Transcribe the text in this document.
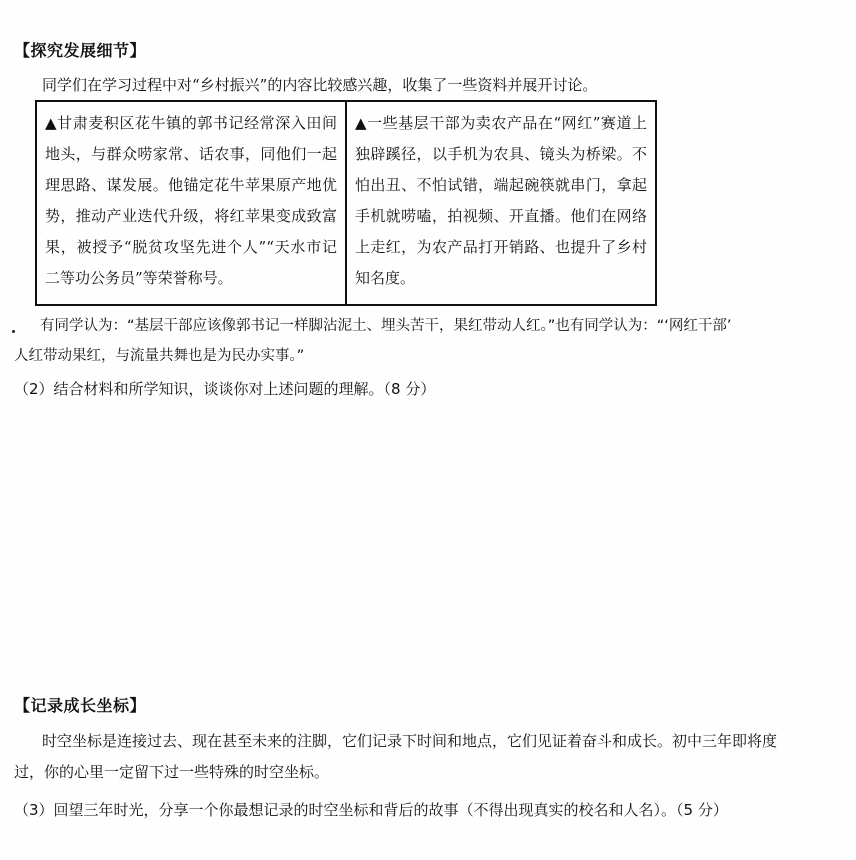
【探究发展细节】
同学们在学习过程中对“乡村振兴”的内容比较感兴趣，收集了一些资料并展开讨论。
▲甘肃麦积区花牛镇的郭书记经常深入田间地头，与群众唠家常、话农事，同他们一起理思路、谋发展。他锚定花牛苹果原产地优势，推动产业迭代升级，将红苹果变成致富果，被授予“脱贫攻坚先进个人”“天水市记二等功公务员”等荣誉称号。
▲一些基层干部为卖农产品在“网红”赛道上独辟蹊径，以手机为农具、镜头为桥梁。不怕出丑、不怕试错，端起碗筷就串门，拿起手机就唠嗑，拍视频、开直播。他们在网络上走红，为农产品打开销路、也提升了乡村知名度。
有同学认为：“基层干部应该像郭书记一样脚沾泥土、埋头苦干，果红带动人红。”也有同学认为：“‘网红干部’
人红带动果红，与流量共舞也是为民办实事。”
（2）结合材料和所学知识，谈谈你对上述问题的理解。（8 分）
【记录成长坐标】
时空坐标是连接过去、现在甚至未来的注脚，它们记录下时间和地点，它们见证着奋斗和成长。初中三年即将度
过，你的心里一定留下过一些特殊的时空坐标。
（3）回望三年时光，分享一个你最想记录的时空坐标和背后的故事（不得出现真实的校名和人名）。（5 分）
